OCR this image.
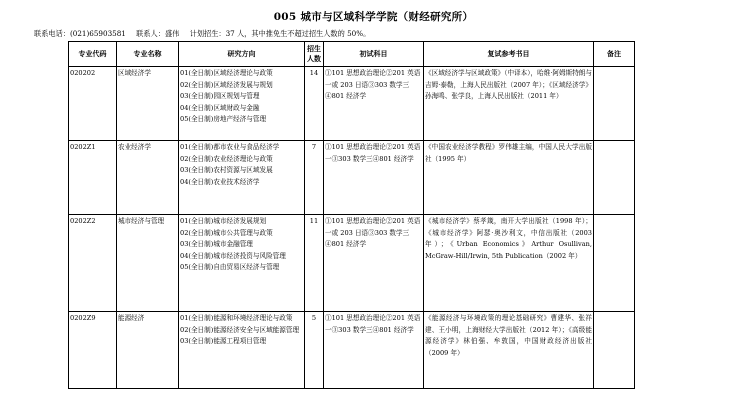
005 城市与区域科学学院（财经研究所）
联系电话：(021)65903581 联系人：盛伟 计划招生：37 人，其中推免生不超过招生人数的 50%。
专业代码	专业名称	研究方向	招生人数	初试科目	复试参考书目	备注
020202	区域经济学	01(全日制)区域经济理论与政策
02(全日制)区域经济发展与规划
03(全日制)园区规划与管理
04(全日制)区域财政与金融
05(全日制)房地产经济与管理	14	①101 思想政治理论②201 英语一或 203 日语③303 数学三④801 经济学	《区域经济学与区域政策》（中译本），哈维·阿姆斯特朗与吉姆·泰勒，上海人民出版社（2007 年）；《区域经济学》孙海鸣、张学良，上海人民出版社（2011 年）	
0202Z1	农业经济学	01(全日制)都市农业与食品经济学
02(全日制)农业经济理论与政策
03(全日制)农村资源与区域发展
04(全日制)农业技术经济学	7	①101 思想政治理论②201 英语一③303 数学三④801 经济学	《中国农业经济学教程》罗伟雄主编，中国人民大学出版社（1995 年）	
0202Z2	城市经济与管理	01(全日制)城市经济发展规划
02(全日制)城市公共管理与政策
03(全日制)城市金融管理
04(全日制)城市经济投资与风险管理
05(全日制)自由贸易区经济与管理	11	①101 思想政治理论②201 英语一或 203 日语③303 数学三④801 经济学	《城市经济学》蔡孝箴，南开大学出版社（1998 年）；《城市经济学》阿瑟·奥沙利文，中信出版社（2003 年）；《Urban Economics》Arthur Osullivan, McGraw-Hill/Irwin, 5th Publication（2002 年）	
0202Z9	能源经济	01(全日制)能源和环境经济理论与政策
02(全日制)能源经济安全与区域能源管理
03(全日制)能源工程项目管理	5	①101 思想政治理论②201 英语一③303 数学三④801 经济学	《能源经济与环境政策的理论基础研究》曹建华、张祥建、王小明，上海财经大学出版社（2012 年）；《高级能源经济学》林伯强、牟敦国，中国财政经济出版社（2009 年）	
